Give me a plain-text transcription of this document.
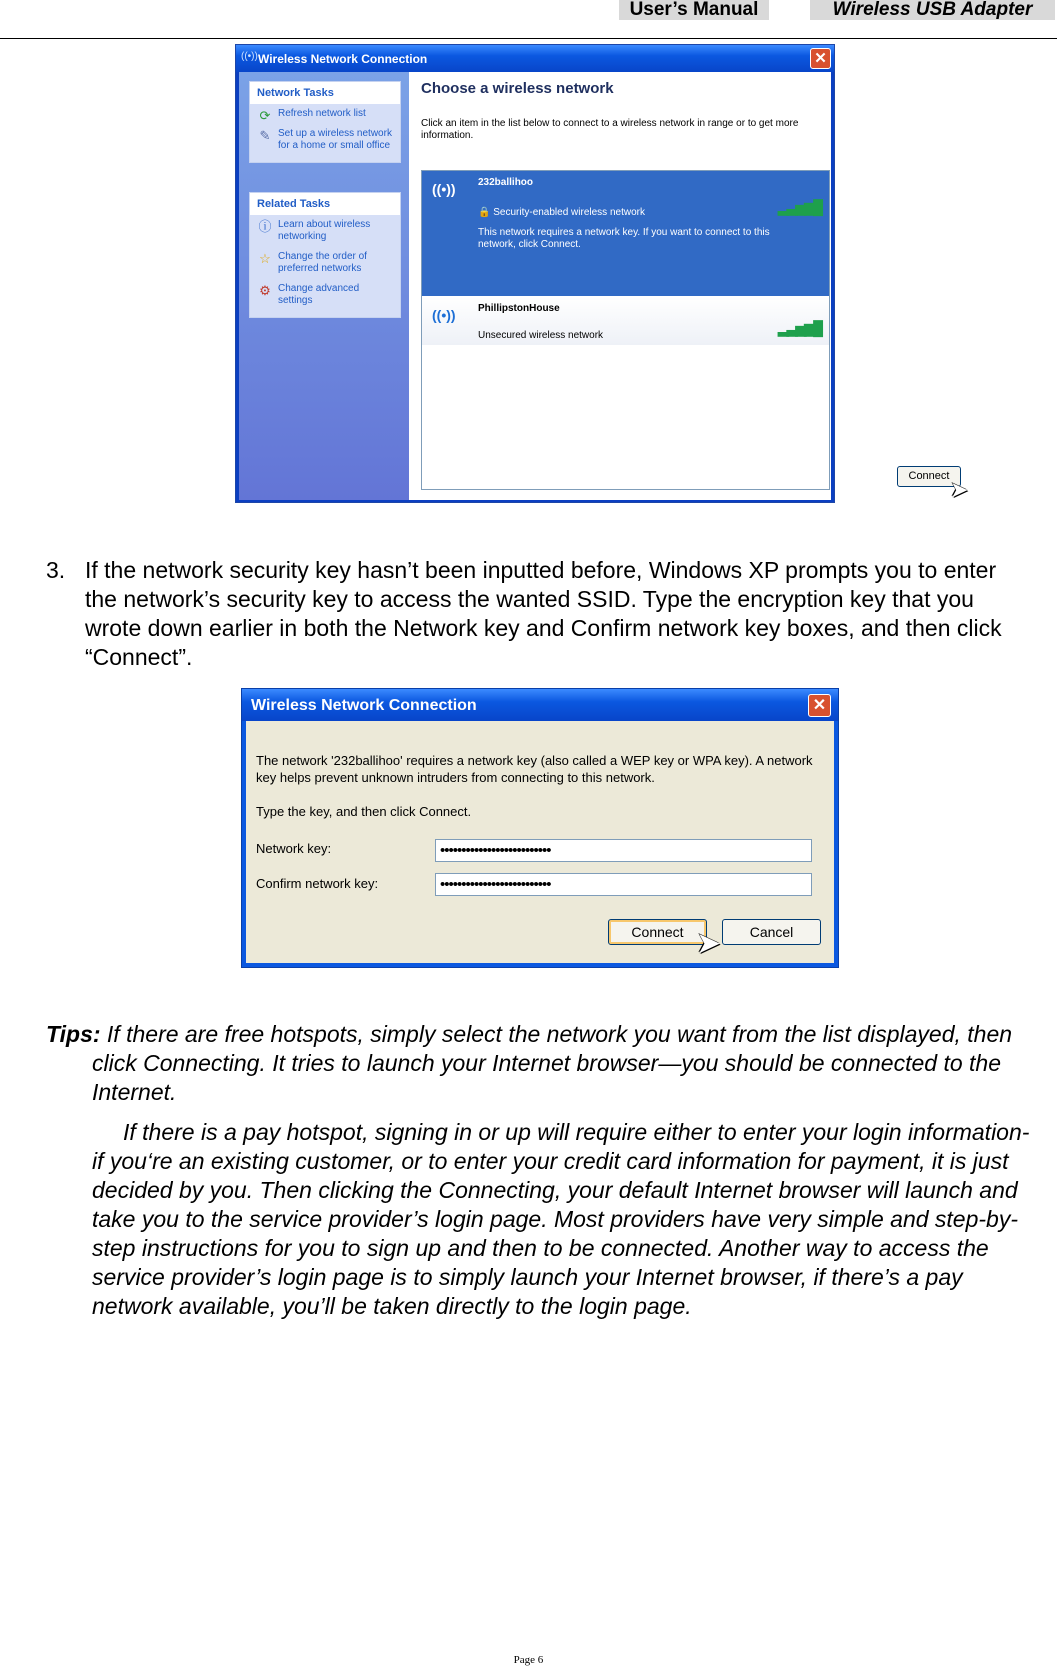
User’s Manual	Wireless USB Adapter
((•)) Wireless Network Connection	✕
Network Tasks
⟳ Refresh network list
✎ Set up a wireless network for a home or small office
Related Tasks
ⓘ Learn about wireless networking
☆ Change the order of preferred networks
⚙ Change advanced settings
Choose a wireless network
Click an item in the list below to connect to a wireless network in range or to get more information.
((•)) 232ballihoo
🔒 Security-enabled wireless network
This network requires a network key. If you want to connect to this network, click Connect.
▂▃▅▆█
((•)) PhillipstonHouse
Unsecured wireless network	▂▃▅▆█
Connect
➤
3. If the network security key hasn’t been inputted before, Windows XP prompts you to enter the network’s security key to access the wanted SSID. Type the encryption key that you wrote down earlier in both the Network key and Confirm network key boxes, and then click “Connect”.
Wireless Network Connection	✕
The network '232ballihoo' requires a network key (also called a WEP key or WPA key). A network key helps prevent unknown intruders from connecting to this network.
Type the key, and then click Connect.
Network key:	••••••••••••••••••••••••••
Confirm network key:	••••••••••••••••••••••••••
Connect	Cancel
➤
Tips: If there are free hotspots, simply select the network you want from the list displayed, then click Connecting. It tries to launch your Internet browser—you should be connected to the Internet.
If there is a pay hotspot, signing in or up will require either to enter your login information-if you‘re an existing customer, or to enter your credit card information for payment, it is just decided by you. Then clicking the Connecting, your default Internet browser will launch and take you to the service provider’s login page. Most providers have very simple and step-by-step instructions for you to sign up and then to be connected. Another way to access the service provider’s login page is to simply launch your Internet browser, if there’s a pay network available, you’ll be taken directly to the login page.
Page 6
